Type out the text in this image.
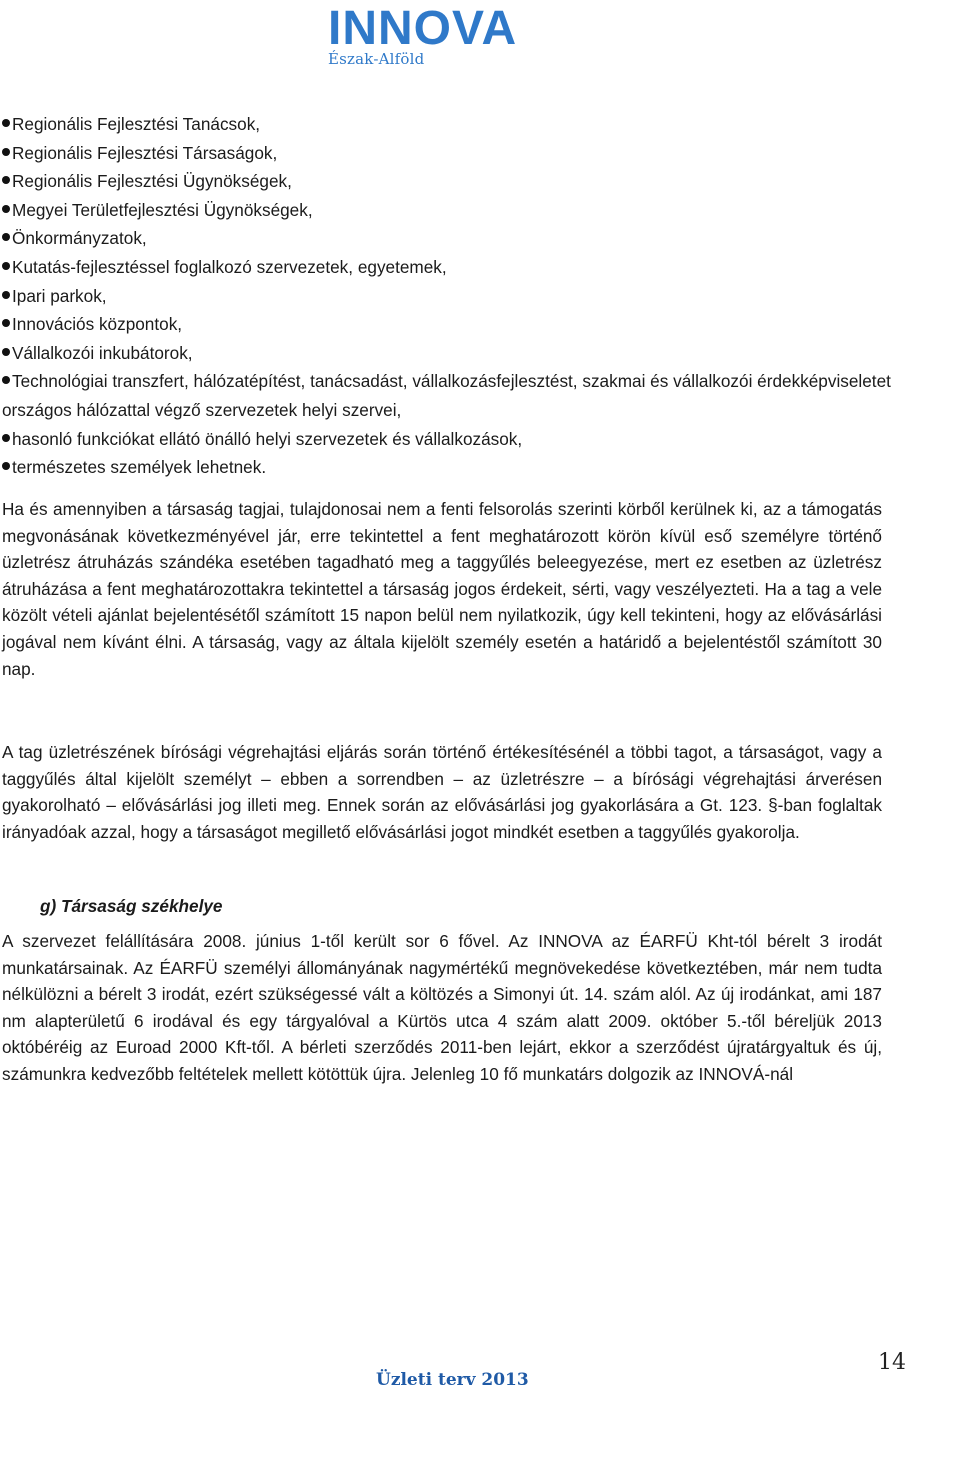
INNOVA
Észak-Alföld
Regionális Fejlesztési Tanácsok,
Regionális Fejlesztési Társaságok,
Regionális Fejlesztési Ügynökségek,
Megyei Területfejlesztési Ügynökségek,
Önkormányzatok,
Kutatás-fejlesztéssel foglalkozó szervezetek, egyetemek,
Ipari parkok,
Innovációs központok,
Vállalkozói inkubátorok,
Technológiai transzfert, hálózatépítést, tanácsadást, vállalkozásfejlesztést, szakmai és vállalkozói érdekképviseletet országos hálózattal végző szervezetek helyi szervei,
hasonló funkciókat ellátó önálló helyi szervezetek és vállalkozások,
természetes személyek lehetnek.

Ha és amennyiben a társaság tagjai, tulajdonosai nem a fenti felsorolás szerinti körből kerülnek ki, az a támogatás megvonásának következményével jár, erre tekintettel a fent meghatározott körön kívül eső személyre történő üzletrész átruházás szándéka esetében tagadható meg a taggyűlés beleegyezése, mert ez esetben az üzletrész átruházása a fent meghatározottakra tekintettel a társaság jogos érdekeit, sérti, vagy veszélyezteti. Ha a tag a vele közölt vételi ajánlat bejelentésétől számított 15 napon belül nem nyilatkozik, úgy kell tekinteni, hogy az elővásárlási jogával nem kívánt élni. A társaság, vagy az általa kijelölt személy esetén a határidő a bejelentéstől számított 30 nap.

A tag üzletrészének bírósági végrehajtási eljárás során történő értékesítésénél a többi tagot, a társaságot, vagy a taggyűlés által kijelölt személyt – ebben a sorrendben – az üzletrészre – a bírósági végrehajtási árverésen gyakorolható – elővásárlási jog illeti meg. Ennek során az elővásárlási jog gyakorlására a Gt. 123. §-ban foglaltak irányadóak azzal, hogy a társaságot megillető elővásárlási jogot mindkét esetben a taggyűlés gyakorolja.

g) Társaság székhelye

A szervezet felállítására 2008. június 1-től került sor 6 fővel. Az INNOVA az ÉARFÜ Kht-tól bérelt 3 irodát munkatársainak. Az ÉARFÜ személyi állományának nagymértékű megnövekedése következtében, már nem tudta nélkülözni a bérelt 3 irodát, ezért szükségessé vált a költözés a Simonyi út. 14. szám alól. Az új irodánkat, ami 187 nm alapterületű 6 irodával és egy tárgyalóval a Kürtös utca 4 szám alatt 2009. október 5.-től béreljük 2013 októbéréig az Euroad 2000 Kft-től. A bérleti szerződés 2011-ben lejárt, ekkor a szerződést újratárgyaltuk és új, számunkra kedvezőbb feltételek mellett kötöttük újra. Jelenleg 10 fő munkatárs dolgozik az INNOVÁ-nál

Üzleti terv 2013
14
